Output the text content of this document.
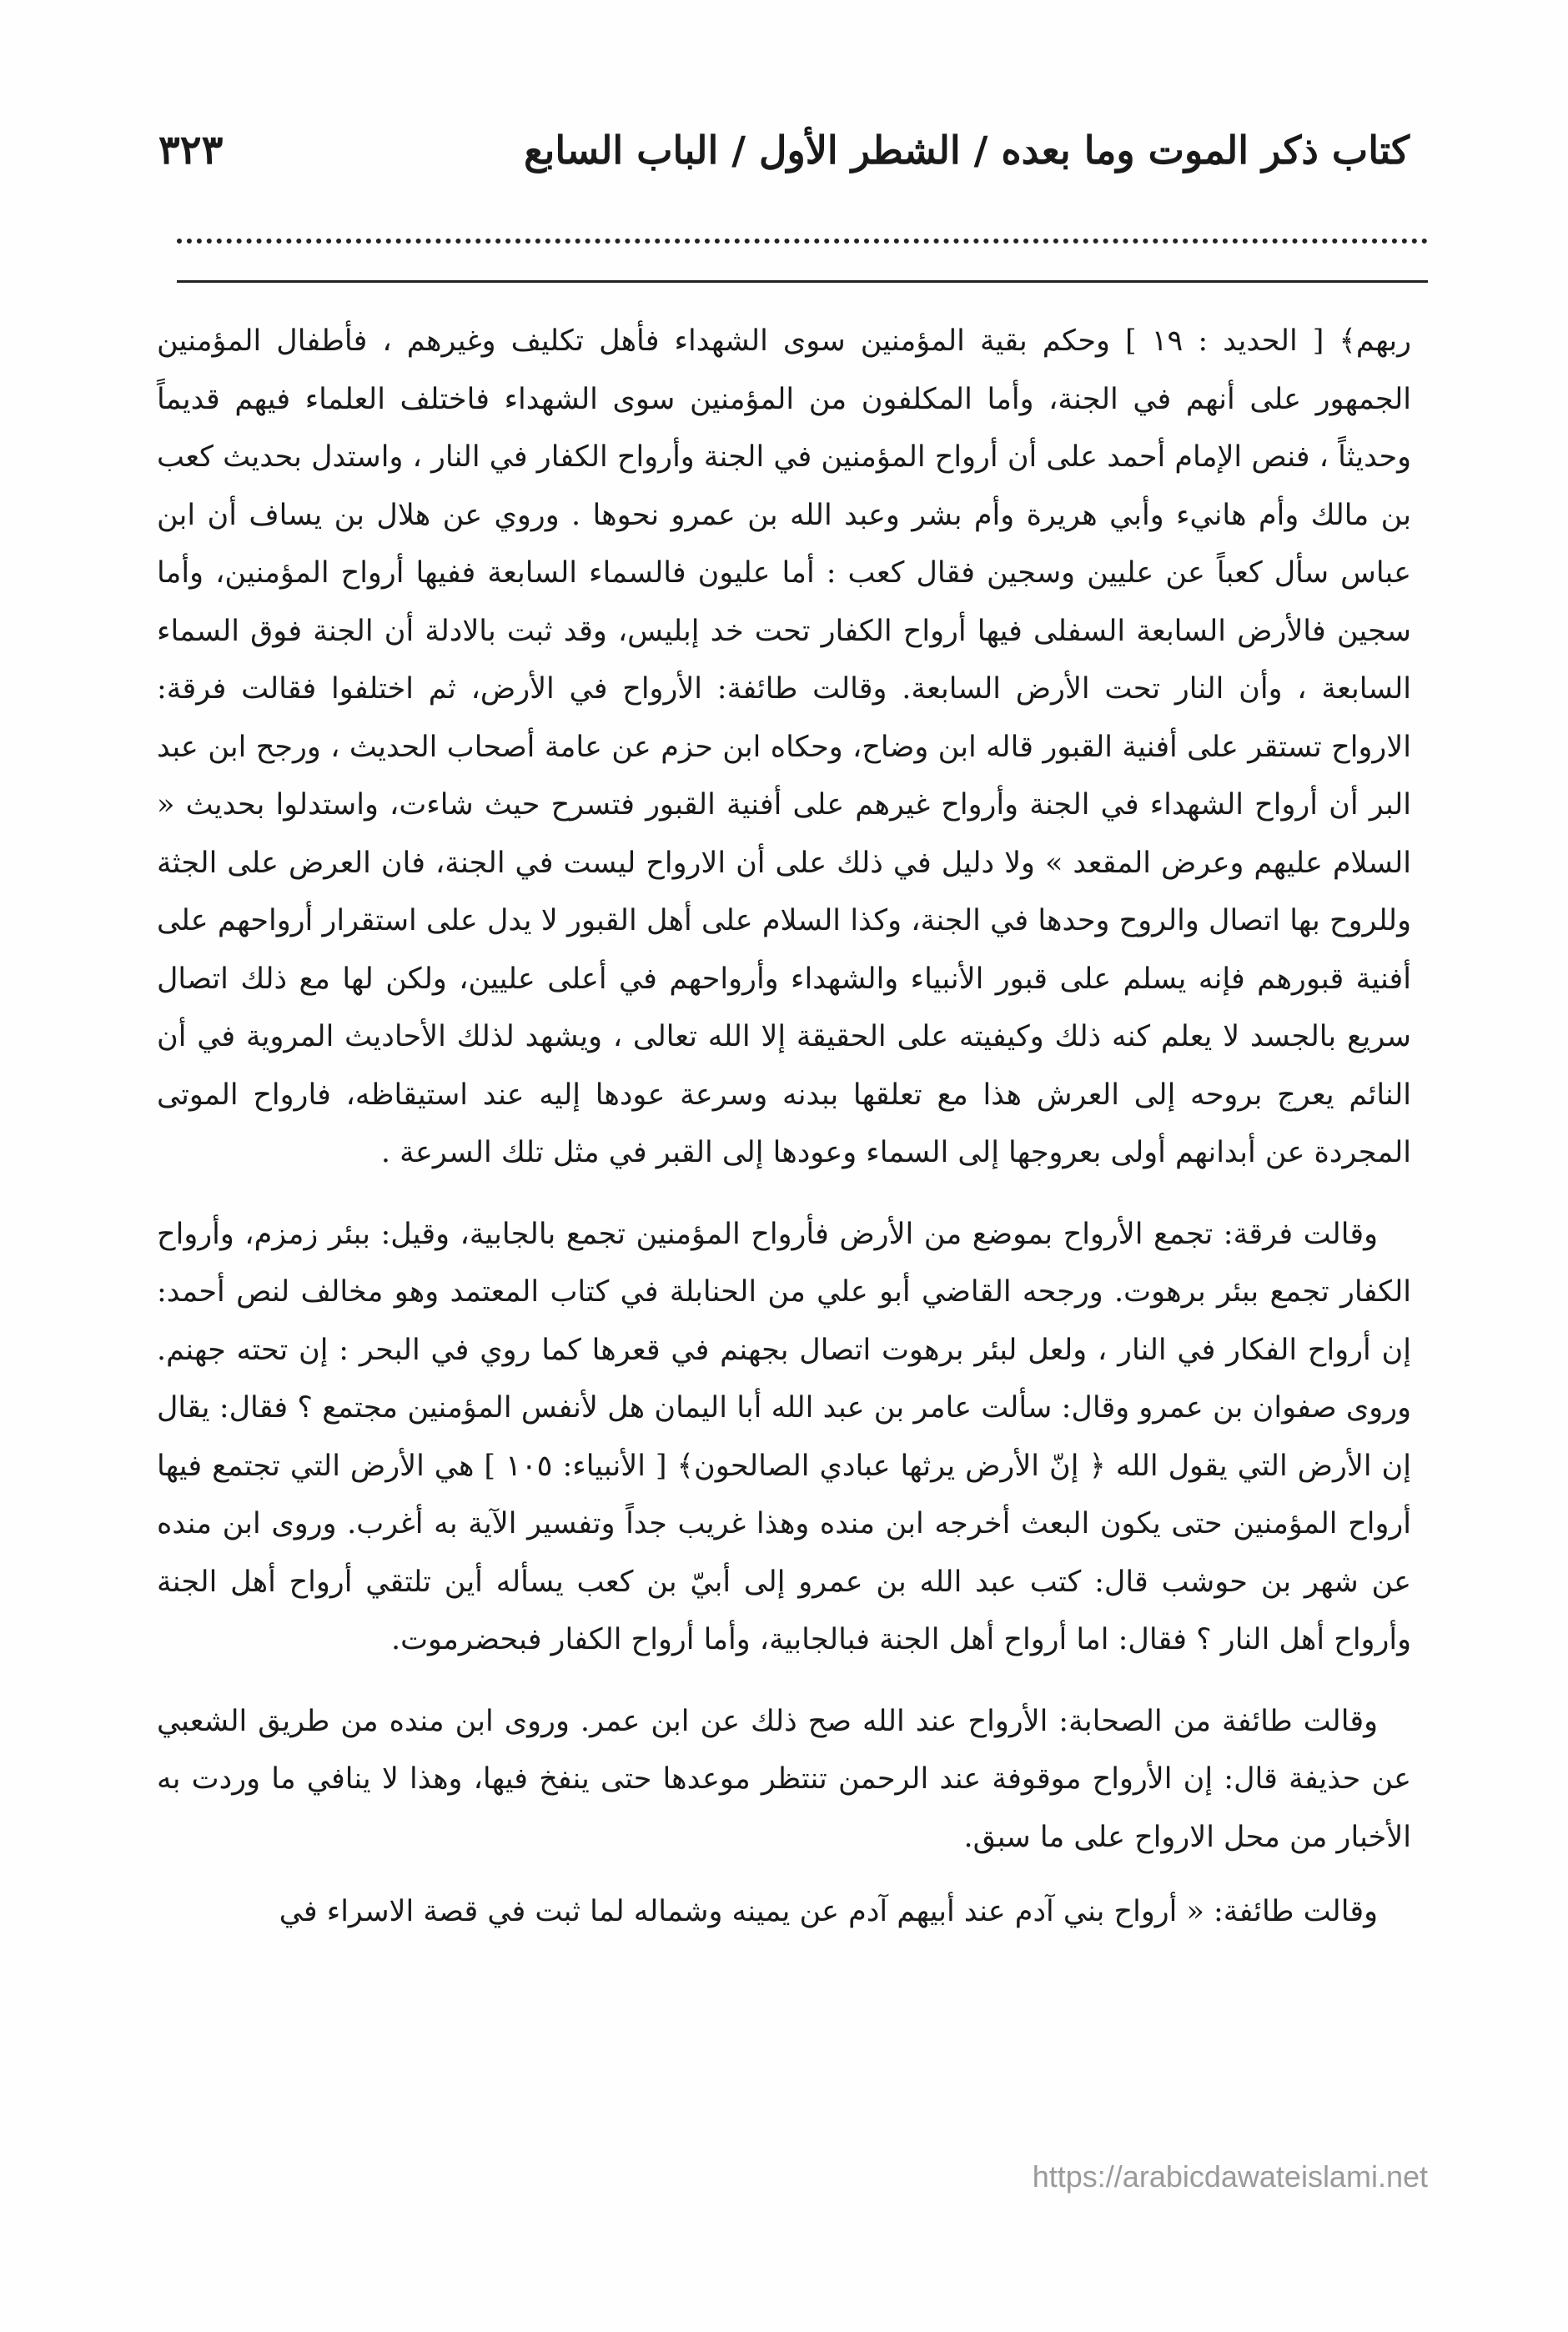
كتاب ذكر الموت وما بعده / الشطر الأول / الباب السابع
٣٢٣

ربهم﴾ [ الحديد : ١٩ ] وحكم بقية المؤمنين سوى الشهداء فأهل تكليف وغيرهم ، فأطفال المؤمنين الجمهور على أنهم في الجنة، وأما المكلفون من المؤمنين سوى الشهداء فاختلف العلماء فيهم قديماً وحديثاً ، فنص الإمام أحمد على أن أرواح المؤمنين في الجنة وأرواح الكفار في النار ، واستدل بحديث كعب بن مالك وأم هانيء وأبي هريرة وأم بشر وعبد الله بن عمرو نحوها . وروي عن هلال بن يساف أن ابن عباس سأل كعباً عن عليين وسجين فقال كعب : أما عليون فالسماء السابعة ففيها أرواح المؤمنين، وأما سجين فالأرض السابعة السفلى فيها أرواح الكفار تحت خد إبليس، وقد ثبت بالادلة أن الجنة فوق السماء السابعة ، وأن النار تحت الأرض السابعة. وقالت طائفة: الأرواح في الأرض، ثم اختلفوا فقالت فرقة: الارواح تستقر على أفنية القبور قاله ابن وضاح، وحكاه ابن حزم عن عامة أصحاب الحديث ، ورجح ابن عبد البر أن أرواح الشهداء في الجنة وأرواح غيرهم على أفنية القبور فتسرح حيث شاءت، واستدلوا بحديث « السلام عليهم وعرض المقعد » ولا دليل في ذلك على أن الارواح ليست في الجنة، فان العرض على الجثة وللروح بها اتصال والروح وحدها في الجنة، وكذا السلام على أهل القبور لا يدل على استقرار أرواحهم على أفنية قبورهم فإنه يسلم على قبور الأنبياء والشهداء وأرواحهم في أعلى عليين، ولكن لها مع ذلك اتصال سريع بالجسد لا يعلم كنه ذلك وكيفيته على الحقيقة إلا الله تعالى ، ويشهد لذلك الأحاديث المروية في أن النائم يعرج بروحه إلى العرش هذا مع تعلقها ببدنه وسرعة عودها إليه عند استيقاظه، فارواح الموتى المجردة عن أبدانهم أولى بعروجها إلى السماء وعودها إلى القبر في مثل تلك السرعة .

وقالت فرقة: تجمع الأرواح بموضع من الأرض فأرواح المؤمنين تجمع بالجابية، وقيل: ببئر زمزم، وأرواح الكفار تجمع ببئر برهوت. ورجحه القاضي أبو علي من الحنابلة في كتاب المعتمد وهو مخالف لنص أحمد: إن أرواح الفكار في النار ، ولعل لبئر برهوت اتصال بجهنم في قعرها كما روي في البحر : إن تحته جهنم. وروى صفوان بن عمرو وقال: سألت عامر بن عبد الله أبا اليمان هل لأنفس المؤمنين مجتمع ؟ فقال: يقال إن الأرض التي يقول الله ﴿ إنّ الأرض يرثها عبادي الصالحون﴾ [ الأنبياء: ١٠٥ ] هي الأرض التي تجتمع فيها أرواح المؤمنين حتى يكون البعث أخرجه ابن منده وهذا غريب جداً وتفسير الآية به أغرب. وروى ابن منده عن شهر بن حوشب قال: كتب عبد الله بن عمرو إلى أبيّ بن كعب يسأله أين تلتقي أرواح أهل الجنة وأرواح أهل النار ؟ فقال: اما أرواح أهل الجنة فبالجابية، وأما أرواح الكفار فبحضرموت.

وقالت طائفة من الصحابة: الأرواح عند الله صح ذلك عن ابن عمر. وروى ابن منده من طريق الشعبي عن حذيفة قال: إن الأرواح موقوفة عند الرحمن تنتظر موعدها حتى ينفخ فيها، وهذا لا ينافي ما وردت به الأخبار من محل الارواح على ما سبق.

وقالت طائفة: « أرواح بني آدم عند أبيهم آدم عن يمينه وشماله لما ثبت في قصة الاسراء في

https://arabicdawateislami.net
